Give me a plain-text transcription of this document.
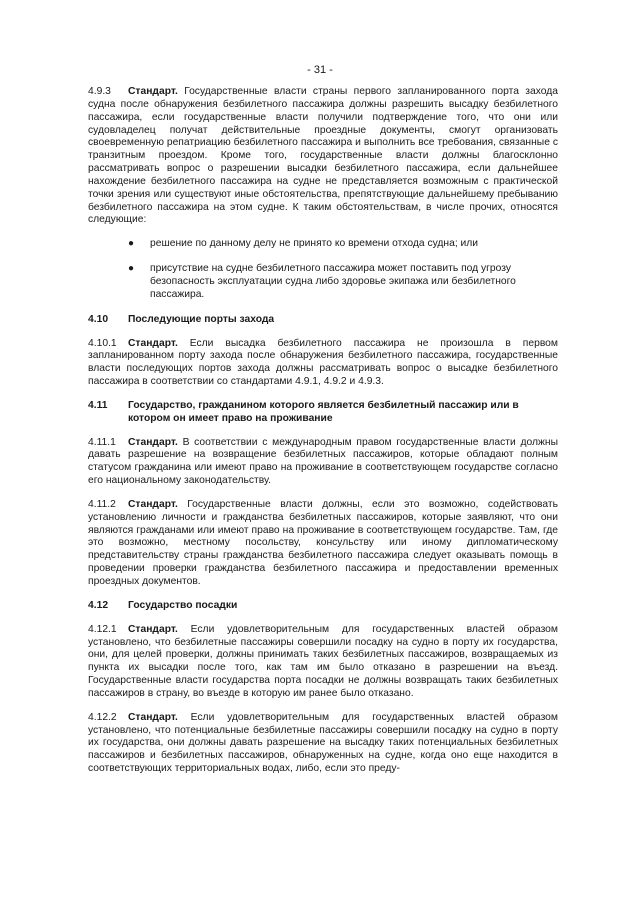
- 31 -

4.9.3 Стандарт. Государственные власти страны первого запланированного порта захода судна после обнаружения безбилетного пассажира должны разрешить высадку безбилетного пассажира, если государственные власти получили подтверждение того, что они или судовладелец получат действительные проездные документы, смогут организовать своевременную репатриацию безбилетного пассажира и выполнить все требования, связанные с транзитным проездом. Кроме того, государственные власти должны благосклонно рассматривать вопрос о разрешении высадки безбилетного пассажира, если дальнейшее нахождение безбилетного пассажира на судне не представляется возможным с практической точки зрения или существуют иные обстоятельства, препятствующие дальнейшему пребыванию безбилетного пассажира на этом судне. К таким обстоятельствам, в числе прочих, относятся следующие:

● решение по данному делу не принято ко времени отхода судна; или
● присутствие на судне безбилетного пассажира может поставить под угрозу безопасность эксплуатации судна либо здоровье экипажа или безбилетного пассажира.
4.10	Последующие порты захода

4.10.1 Стандарт. Если высадка безбилетного пассажира не произошла в первом запланированном порту захода после обнаружения безбилетного пассажира, государственные власти последующих портов захода должны рассматривать вопрос о высадке безбилетного пассажира в соответствии со стандартами 4.9.1, 4.9.2 и 4.9.3.

4.11	Государство, гражданином которого является безбилетный пассажир или в котором он имеет право на проживание

4.11.1 Стандарт. В соответствии с международным правом государственные власти должны давать разрешение на возвращение безбилетных пассажиров, которые обладают полным статусом гражданина или имеют право на проживание в соответствующем государстве согласно его национальному законодательству.

4.11.2 Стандарт. Государственные власти должны, если это возможно, содействовать установлению личности и гражданства безбилетных пассажиров, которые заявляют, что они являются гражданами или имеют право на проживание в соответствующем государстве. Там, где это возможно, местному посольству, консульству или иному дипломатическому представительству страны гражданства безбилетного пассажира следует оказывать помощь в проведении проверки гражданства безбилетного пассажира и предоставлении временных проездных документов.

4.12	Государство посадки

4.12.1 Стандарт. Если удовлетворительным для государственных властей образом установлено, что безбилетные пассажиры совершили посадку на судно в порту их государства, они, для целей проверки, должны принимать таких безбилетных пассажиров, возвращаемых из пункта их высадки после того, как там им было отказано в разрешении на въезд. Государственные власти государства порта посадки не должны возвращать таких безбилетных пассажиров в страну, во въезде в которую им ранее было отказано.

4.12.2 Стандарт. Если удовлетворительным для государственных властей образом установлено, что потенциальные безбилетные пассажиры совершили посадку на судно в порту их государства, они должны давать разрешение на высадку таких потенциальных безбилетных пассажиров и безбилетных пассажиров, обнаруженных на судне, когда оно еще находится в соответствующих территориальных водах, либо, если это преду-
